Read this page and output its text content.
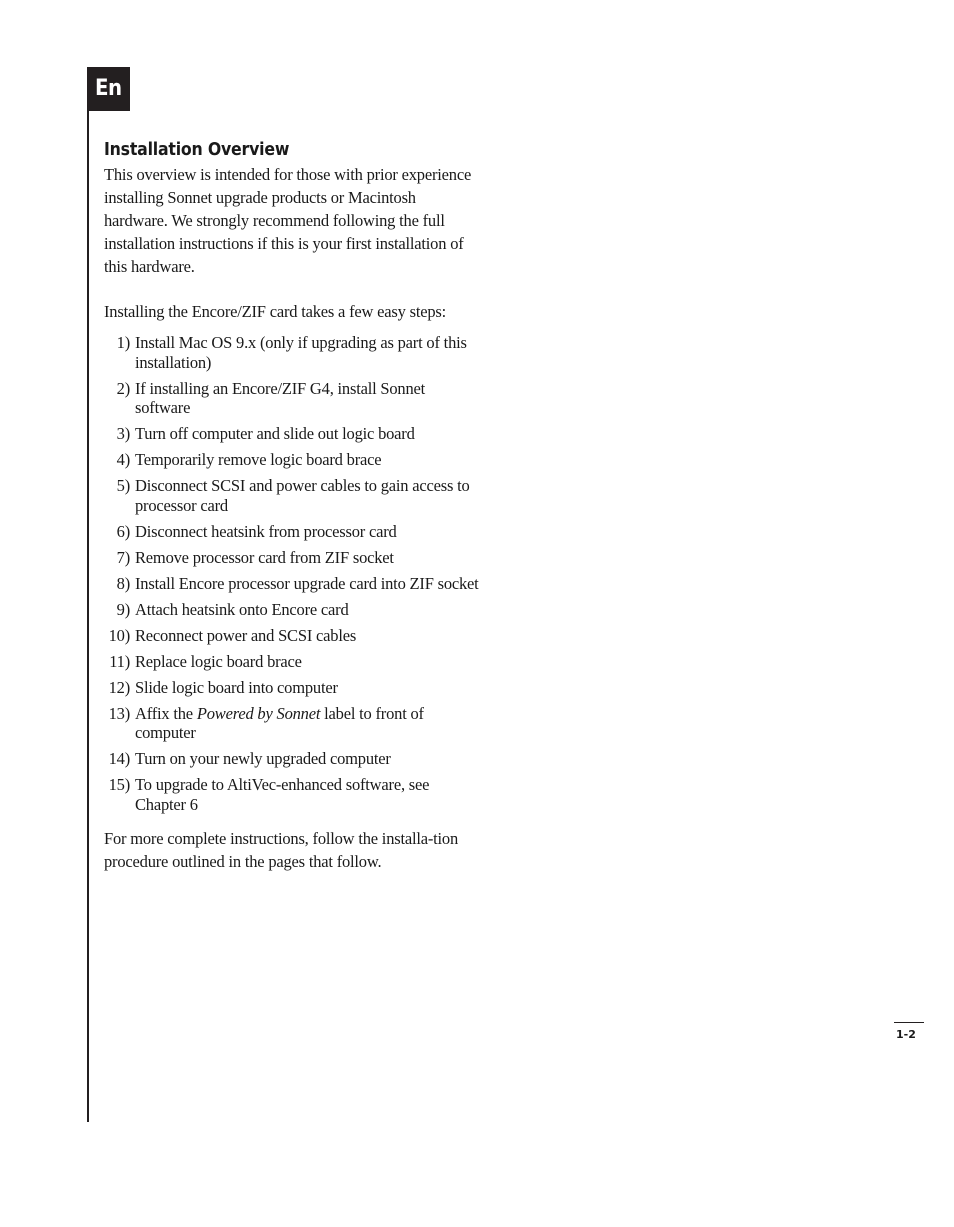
En
Installation Overview

This overview is intended for those with prior experience installing Sonnet upgrade products or Macintosh hardware. We strongly recommend following the full installation instructions if this is your first installation of this hardware.

Installing the Encore/ZIF card takes a few easy steps:

1) Install Mac OS 9.x (only if upgrading as part of this installation)
2) If installing an Encore/ZIF G4, install Sonnet software
3) Turn off computer and slide out logic board
4) Temporarily remove logic board brace
5) Disconnect SCSI and power cables to gain access to processor card
6) Disconnect heatsink from processor card
7) Remove processor card from ZIF socket
8) Install Encore processor upgrade card into ZIF socket
9) Attach heatsink onto Encore card
10) Reconnect power and SCSI cables
11) Replace logic board brace
12) Slide logic board into computer
13) Affix the Powered by Sonnet label to front of computer
14) Turn on your newly upgraded computer
15) To upgrade to AltiVec-enhanced software, see Chapter 6

For more complete instructions, follow the installa-tion procedure outlined in the pages that follow.

1-2
